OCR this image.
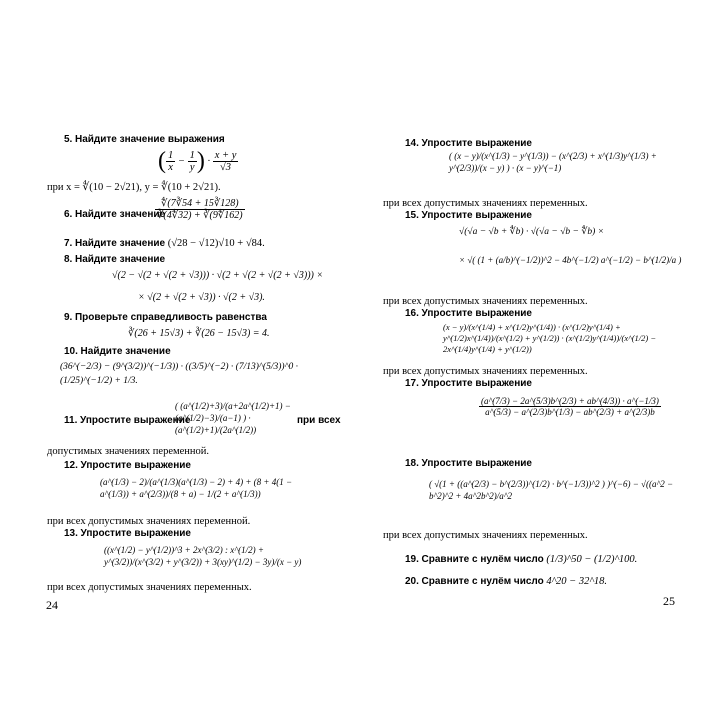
5. Найдите значение выражения
( $\frac{1}{x} - \frac{1}{y}$ ) · $\frac{x + y}{√3}$
при x = ∜(10 − 2√21), y = ∜(10 + 2√21).
6. Найдите значение
$\frac{∜(7∛54 + 15∛128)}{∛(4∜32) + ∛(9∜162)}$
7. Найдите значение (√28 − √12)√10 + √84.
8. Найдите значение
√(2 − √(2 + √(2 + √3))) · √(2 + √(2 + √(2 + √3))) ×
× √(2 + √(2 + √3)) · √(2 + √3).
9. Проверьте справедливость равенства
∛(26 + 15√3) + ∛(26 − 15√3) = 4.
10. Найдите значение
(36^(−2/3) − (9^(3/2))^(−1/3)) · ((3/5)^(−2) · (7/13)^(5/3))^0 · (1/25)^(−1/2) + 1/3.
11. Упростите выражение
( (a^(1/2)+3)/(a+2a^(1/2)+1) − (a^(1/2)−3)/(a−1) ) · (a^(1/2)+1)/(2a^(1/2))
при всех
допустимых значениях переменной.
12. Упростите выражение
(a^(1/3) − 2)/(a^(1/3)(a^(1/3) − 2) + 4) + (8 + 4(1 − a^(1/3)) + a^(2/3))/(8 + a) − 1/(2 + a^(1/3))
при всех допустимых значениях переменной.
13. Упростите выражение
((x^(1/2) − y^(1/2))^3 + 2x^(3/2) : x^(1/2) + y^(3/2))/(x^(3/2) + y^(3/2)) + 3(xy)^(1/2) − 3y)/(x − y)
при всех допустимых значениях переменных.
24
14. Упростите выражение
( (x − y)/(x^(1/3) − y^(1/3)) − (x^(2/3) + x^(1/3)y^(1/3) + y^(2/3))/(x − y) ) · (x − y)^(−1)
при всех допустимых значениях переменных.
15. Упростите выражение
√(√a − √b + ∜b) · √(√a − √b − ∜b) ×
× √( (1 + (a/b)^(−1/2))^2 − 4b^(−1/2) a^(−1/2) − b^(1/2)/a )
при всех допустимых значениях переменных.
16. Упростите выражение
(x − y)/(x^(1/4) + x^(1/2)y^(1/4)) · (x^(1/2)y^(1/4) + y^(1/2)x^(1/4))/(x^(1/2) + y^(1/2)) · (x^(1/2)y^(1/4))/(x^(1/2) − 2x^(1/4)y^(1/4) + y^(1/2))
при всех допустимых значениях переменных.
17. Упростите выражение
$\frac{(a\^{}(7/3) - 2a\^{}(5/3)b\^{}(2/3) + ab\^{}(4/3)) \cdot a\^{}(-1/3)}{a\^{}(5/3) - a\^{}(2/3)b\^{}(1/3) - ab\^{}(2/3) + a\^{}(2/3)b}$
18. Упростите выражение
( √(1 + ((a^(2/3) − b^(2/3))^(1/2) · b^(−1/3))^2 ) )^(−6) − √((a^2 − b^2)^2 + 4a^2b^2)/a^2
при всех допустимых значениях переменных.
19. Сравните с нулём число (1/3)^50 − (1/2)^100.
20. Сравните с нулём число 4^20 − 32^18.
25
